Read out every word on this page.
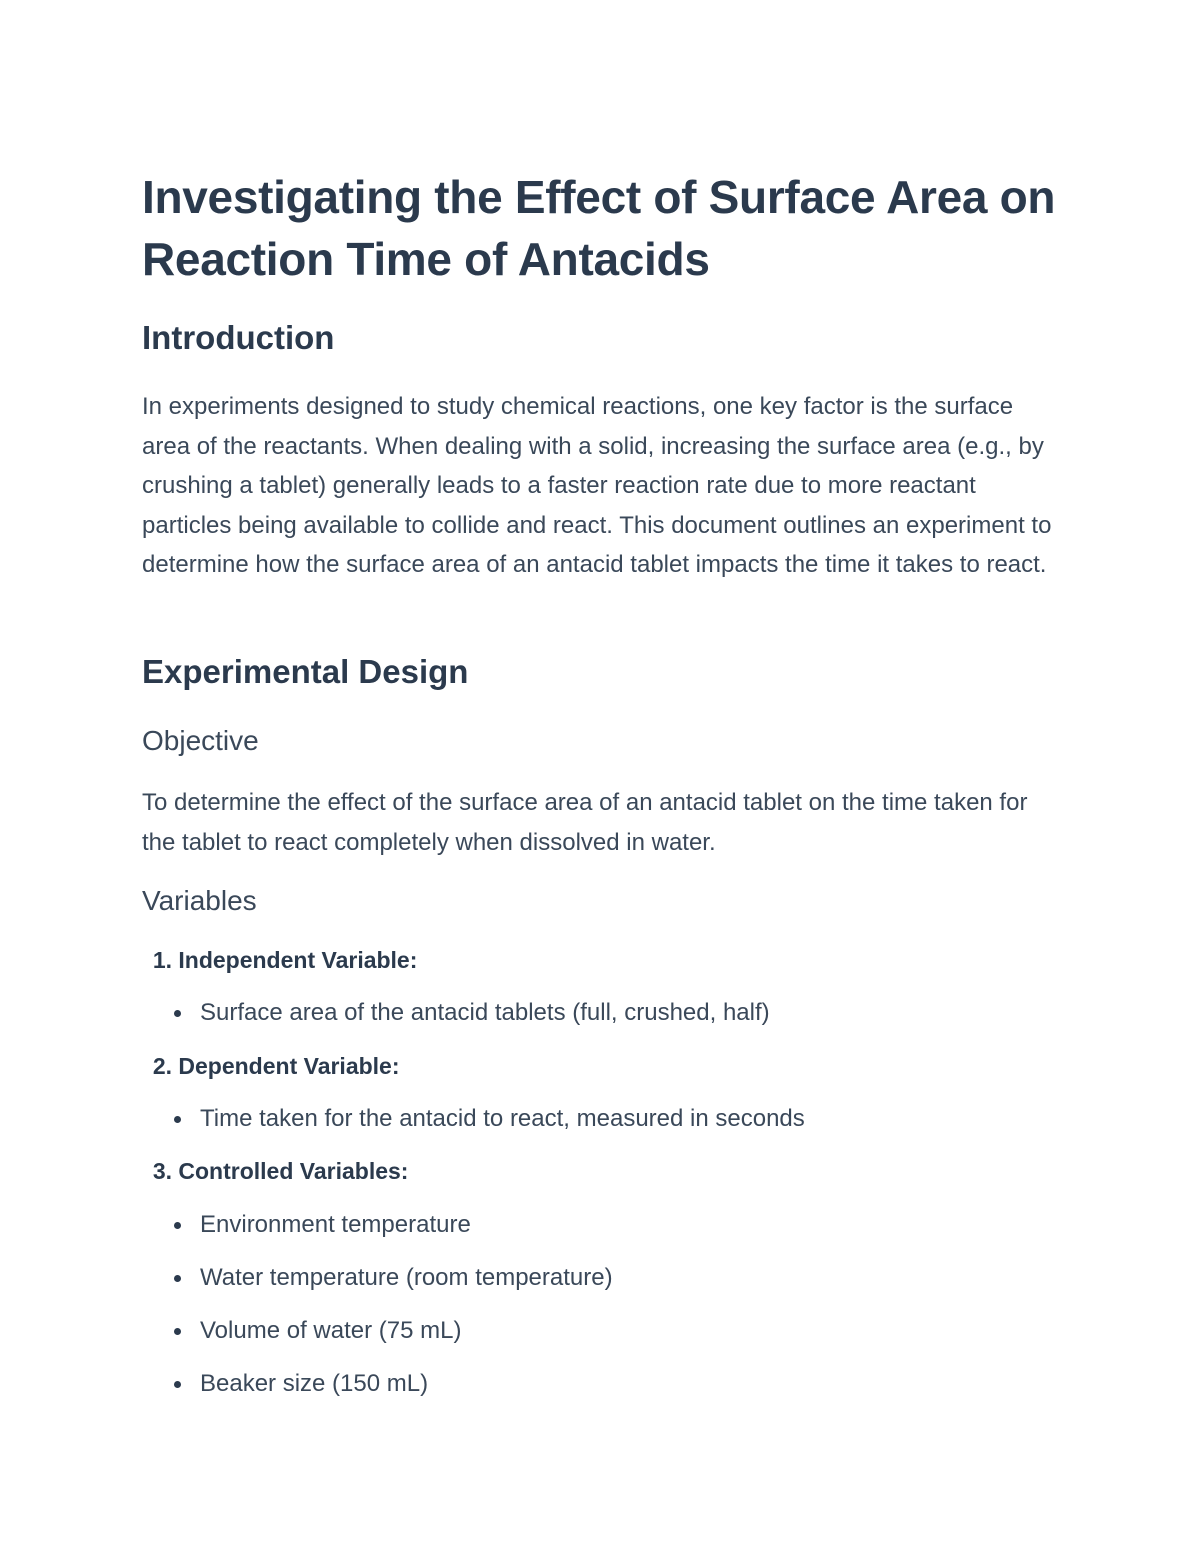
Investigating the Effect of Surface Area on Reaction Time of Antacids
Introduction

In experiments designed to study chemical reactions, one key factor is the surface area of the reactants. When dealing with a solid, increasing the surface area (e.g., by crushing a tablet) generally leads to a faster reaction rate due to more reactant particles being available to collide and react. This document outlines an experiment to determine how the surface area of an antacid tablet impacts the time it takes to react.

Experimental Design
Objective

To determine the effect of the surface area of an antacid tablet on the time taken for the tablet to react completely when dissolved in water.

Variables
1. Independent Variable:
Surface area of the antacid tablets (full, crushed, half)
2. Dependent Variable:
Time taken for the antacid to react, measured in seconds
3. Controlled Variables:
Environment temperature
Water temperature (room temperature)
Volume of water (75 mL)
Beaker size (150 mL)
